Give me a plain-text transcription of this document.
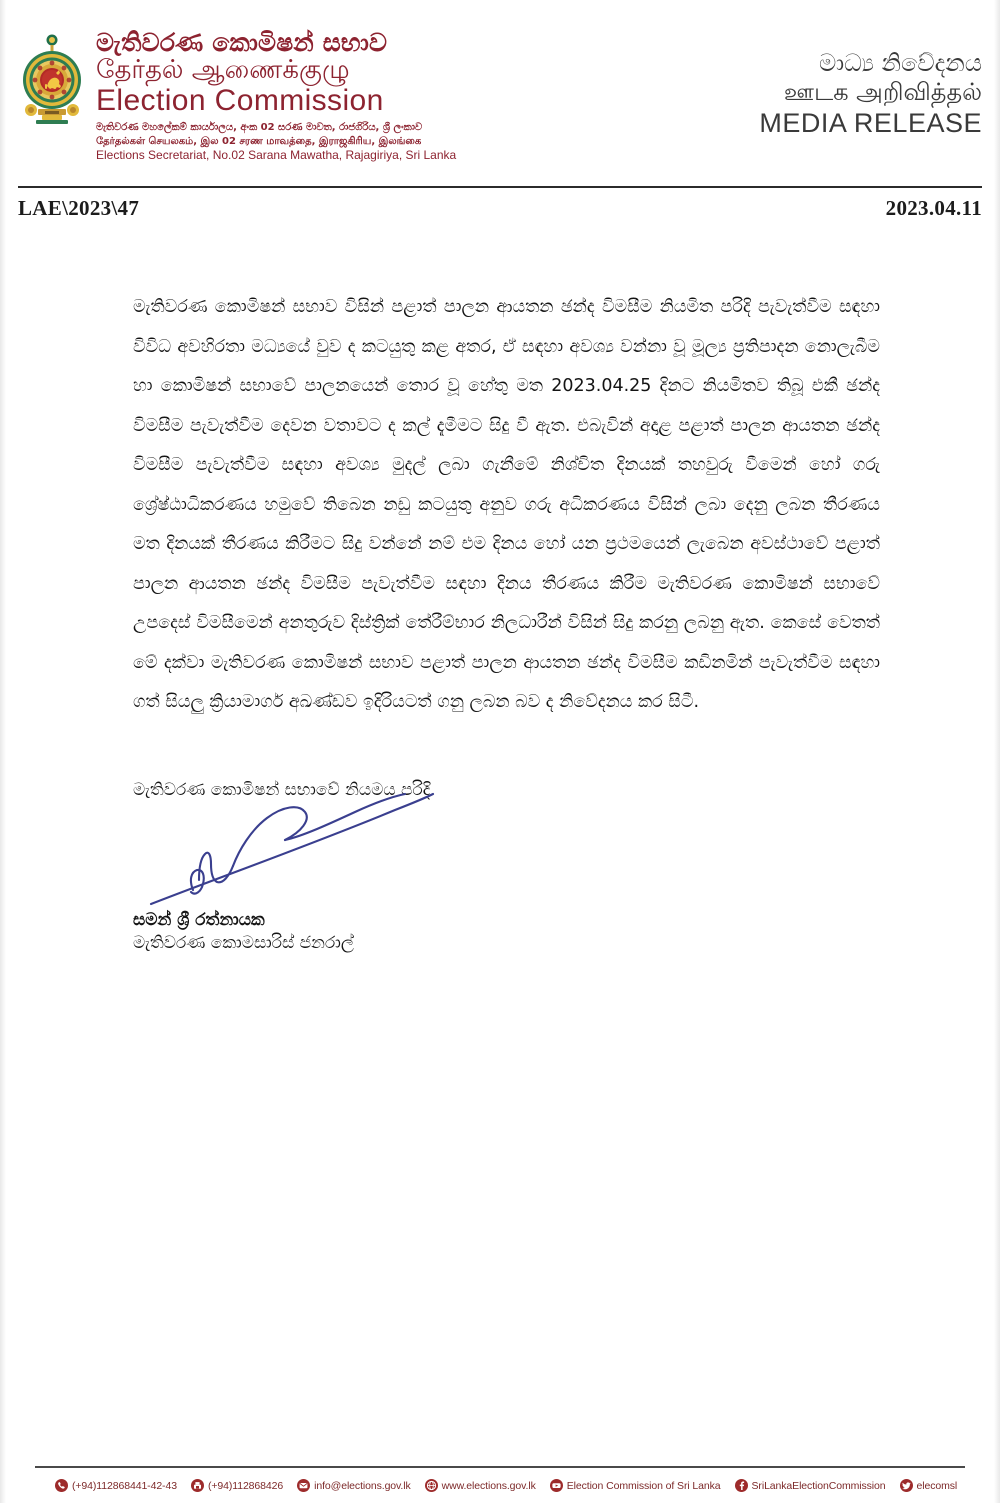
මැතිවරණ කොමිෂන් සභාව
தேர்தல் ஆணைக்குழு
Election Commission
මැතිවරණ මහලේකම් කාර්යාලය, අංක 02 සරණ මාවත, රාජගිරිය, ශ්‍රී ලංකාව
தேர்தல்கள் செயலகம், இல 02 சரண மாவத்தை, இராஜகிரிய, இலங்கை
Elections Secretariat, No.02 Sarana Mawatha, Rajagiriya, Sri Lanka
මාධ්‍ය නිවේදනය
ஊடக அறிவித்தல்
MEDIA RELEASE
LAE\2023\47	2023.04.11

මැතිවරණ කොමිෂන් සභාව විසින් පළාත් පාලන ආයතන ඡන්ද විමසීම නියමිත පරිදි පැවැත්වීම සඳහා විවිධ අවහිරතා මධ්‍යයේ වුව ද කටයුතු කළ අතර, ඒ සඳහා අවශ්‍ය වන්නා වූ මූල්‍ය ප්‍රතිපාදන නොලැබීම හා කොමිෂන් සභාවේ පාලනයෙන් තොර වූ හේතු මත 2023.04.25 දිනට නියමිතව තිබූ එකී ඡන්ද විමසීම පැවැත්වීම දෙවන වතාවට ද කල් දැමීමට සිදු වී ඇත. එබැවින් අදාළ පළාත් පාලන ආයතන ඡන්ද විමසීම පැවැත්වීම සඳහා අවශ්‍ය මුදල් ලබා ගැනීමේ නිශ්චිත දිනයක් තහවුරු වීමෙන් හෝ ගරු ශ්‍රේෂ්ඨාධිකරණය හමුවේ තිබෙන නඩු කටයුතු අනුව ගරු අධිකරණය විසින් ලබා දෙනු ලබන තීරණය මත දිනයක් තීරණය කිරීමට සිදු වන්නේ නම් එම දිනය හෝ යන ප්‍රථමයෙන් ලැබෙන අවස්ථාවේ පළාත් පාලන ආයතන ඡන්ද විමසීම පැවැත්වීම සඳහා දිනය තීරණය කිරීම මැතිවරණ කොමිෂන් සභාවේ උපදෙස් විමසීමෙන් අනතුරුව දිස්ත්‍රික් තේරීම්භාර නිලධාරීන් විසින් සිදු කරනු ලබනු ඇත. කෙසේ වෙතත් මේ දක්වා මැතිවරණ කොමිෂන් සභාව පළාත් පාලන ආයතන ඡන්ද විමසීම කඩිනමින් පැවැත්වීම සඳහා ගත් සියලු ක්‍රියාමාර්ග අඛණ්ඩව ඉදිරියටත් ගනු ලබන බව ද නිවේදනය කර සිටී.

මැතිවරණ කොමිෂන් සභාවේ නියමය පරිදි
සමන් ශ්‍රී රත්නායක
මැතිවරණ කොමසාරිස් ජනරාල්
(+94)112868441-42-43	(+94)112868426	info@elections.gov.lk	www.elections.gov.lk	Election Commission of Sri Lanka	SriLankaElectionCommission	elecomsl
